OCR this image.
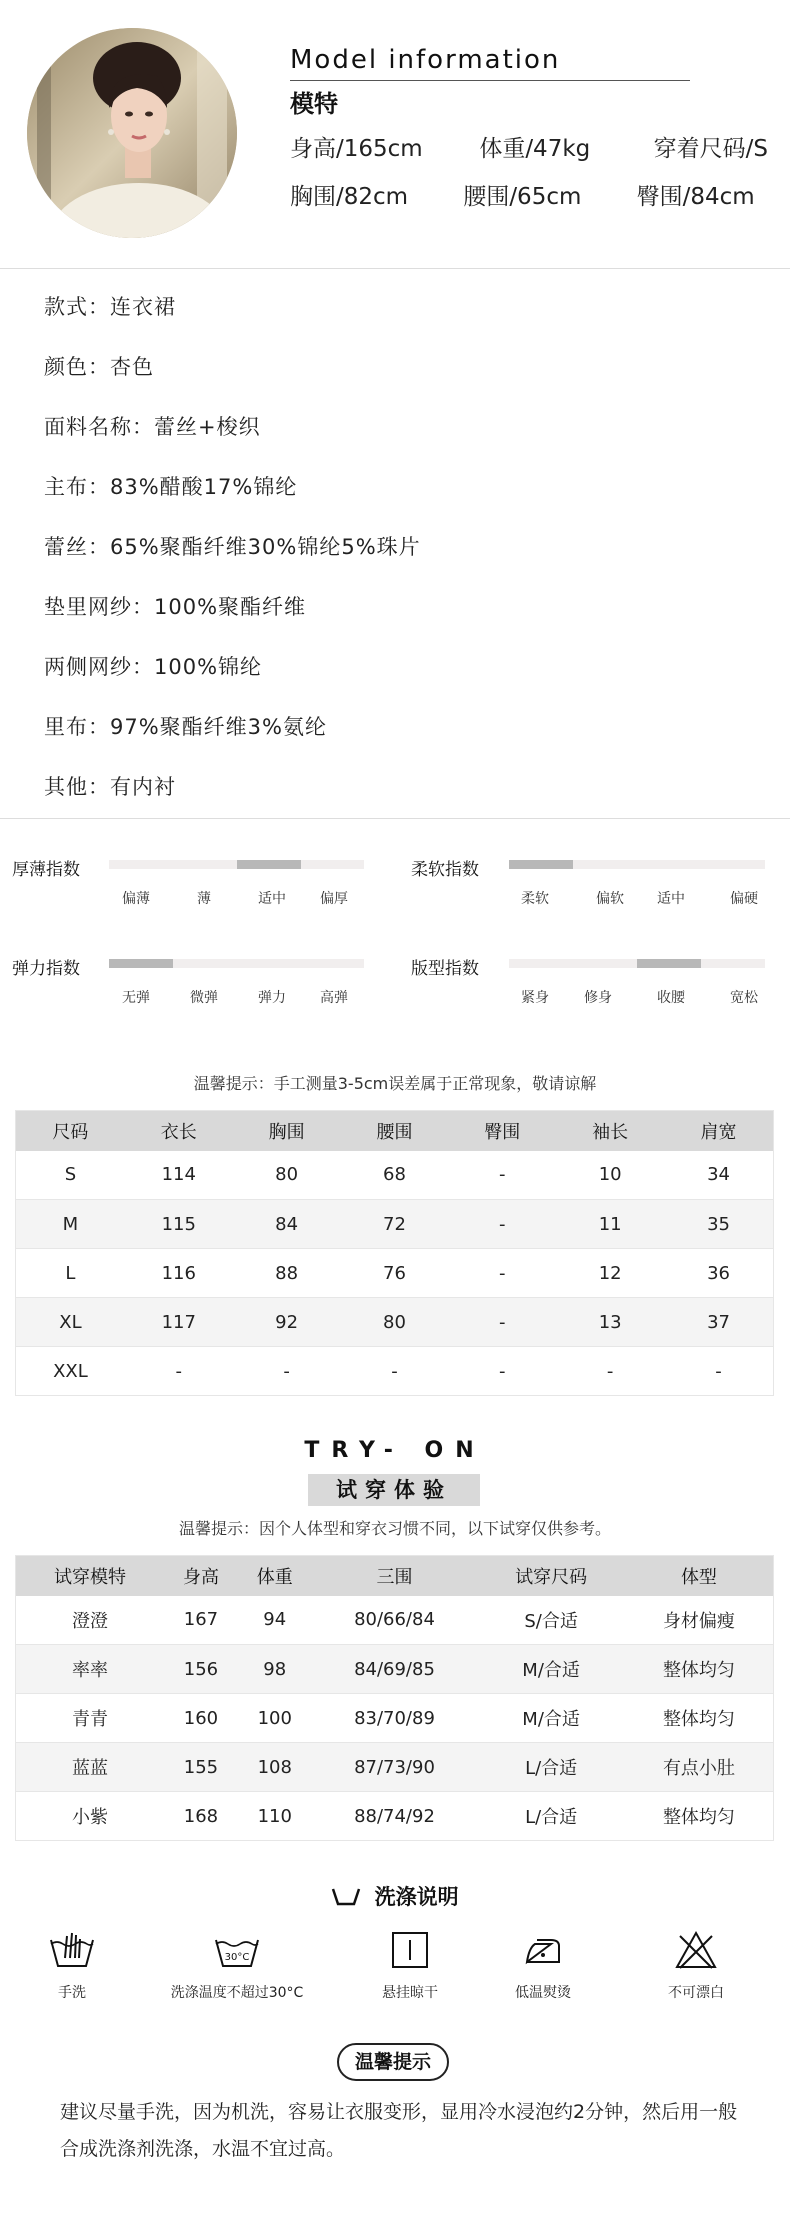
Model information
模特
身高/165cm 体重/47kg	穿着尺码/S
胸围/82cm 腰围/65cm 臀围/84cm
款式：连衣裙
颜色：杏色
面料名称：蕾丝+梭织
主布：83%醋酸17%锦纶
蕾丝：65%聚酯纤维30%锦纶5%珠片
垫里网纱：100%聚酯纤维
两侧网纱：100%锦纶
里布：97%聚酯纤维3%氨纶
其他：有内衬
厚薄指数
偏薄	薄	适中	偏厚
柔软指数
柔软	偏软	适中	偏硬
弹力指数
无弹	微弹	弹力	高弹
版型指数
紧身	修身	收腰	宽松
温馨提示：手工测量3-5cm误差属于正常现象，敬请谅解
尺码	衣长	胸围	腰围	臀围	袖长	肩宽
S	114	80	68	-	10	34
M	115	84	72	-	11	35
L	116	88	76	-	12	36
XL	117	92	80	-	13	37
XXL	-	-	-	-	-	-
TRY- ON
试穿体验
温馨提示：因个人体型和穿衣习惯不同，以下试穿仅供参考。
试穿模特	身高	体重	三围	试穿尺码	体型
澄澄	167	94	80/66/84	S/合适	身材偏瘦
率率	156	98	84/69/85	M/合适	整体均匀
青青	160	100	83/70/89	M/合适	整体均匀
蓝蓝	155	108	87/73/90	L/合适	有点小肚
小紫	168	110	88/74/92	L/合适	整体均匀
洗涤说明
手洗
30°C
洗涤温度不超过30°C	悬挂晾干	低温熨烫	不可漂白
温馨提示
建议尽量手洗，因为机洗，容易让衣服变形，显用冷水浸泡约2分钟，然后用一般合成洗涤剂洗涤，水温不宜过高。
